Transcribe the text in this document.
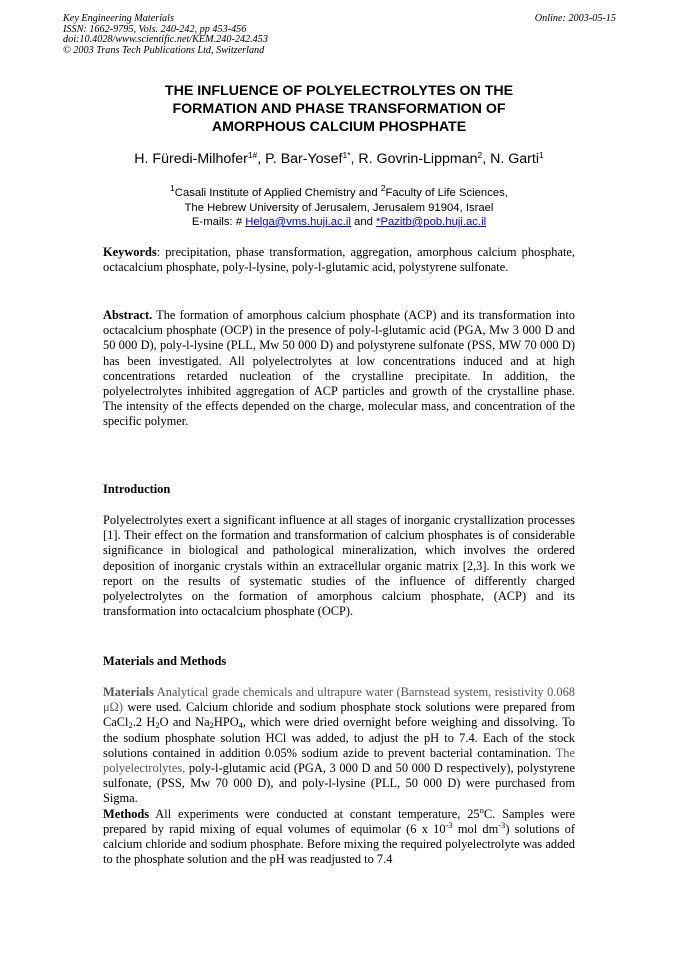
Key Engineering Materials
ISSN: 1662-9795, Vols. 240-242, pp 453-456
doi:10.4028/www.scientific.net/KEM.240-242.453
© 2003 Trans Tech Publications Ltd, Switzerland
Online: 2003-05-15
THE INFLUENCE OF POLYELECTROLYTES ON THE
FORMATION AND PHASE TRANSFORMATION OF
AMORPHOUS CALCIUM PHOSPHATE
H. Füredi-Milhofer$^{1\#}$, P. Bar-Yosef$^{1*}$, R. Govrin-Lippman$^2$, N. Garti$^1$
$^1$Casali Institute of Applied Chemistry and $^2$Faculty of Life Sciences,
The Hebrew University of Jerusalem, Jerusalem 91904, Israel
E-mails: # Helga@vms.huji.ac.il and *Pazitb@pob.huji.ac.il
Keywords: precipitation, phase transformation, aggregation, amorphous calcium phosphate, octacalcium phosphate, poly-l-lysine, poly-l-glutamic acid, polystyrene sulfonate.
Abstract. The formation of amorphous calcium phosphate (ACP) and its transformation into octacalcium phosphate (OCP) in the presence of poly-l-glutamic acid (PGA, Mw 3 000 D and 50 000 D), poly-l-lysine (PLL, Mw 50 000 D) and polystyrene sulfonate (PSS, MW 70 000 D) has been investigated. All polyelectrolytes at low concentrations induced and at high concentrations retarded nucleation of the crystalline precipitate. In addition, the polyelectrolytes inhibited aggregation of ACP particles and growth of the crystalline phase. The intensity of the effects depended on the charge, molecular mass, and concentration of the specific polymer.
Introduction
Polyelectrolytes exert a significant influence at all stages of inorganic crystallization processes [1]. Their effect on the formation and transformation of calcium phosphates is of considerable significance in biological and pathological mineralization, which involves the ordered deposition of inorganic crystals within an extracellular organic matrix [2,3]. In this work we report on the results of systematic studies of the influence of differently charged polyelectrolytes on the formation of amorphous calcium phosphate, (ACP) and its transformation into octacalcium phosphate (OCP).
Materials and Methods
Materials Analytical grade chemicals and ultrapure water (Barnstead system, resistivity 0.068 μΩ) were used. Calcium chloride and sodium phosphate stock solutions were prepared from CaCl$_2$.2 $H_2O$ and $Na_2HPO_4$, which were dried overnight before weighing and dissolving. To the sodium phosphate solution HCl was added, to adjust the pH to 7.4. Each of the stock solutions contained in addition 0.05% sodium azide to prevent bacterial contamination. The polyelectrolytes, poly-l-glutamic acid (PGA, 3 000 D and 50 000 D respectively), polystyrene sulfonate, (PSS, Mw 70 000 D), and poly-l-lysine (PLL, 50 000 D) were purchased from Sigma.
Methods All experiments were conducted at constant temperature, 25$^o$C. Samples were prepared by rapid mixing of equal volumes of equimolar (6 x $10^{-3}$ mol $dm^{-3}$) solutions of calcium chloride and sodium phosphate. Before mixing the required polyelectrolyte was added to the phosphate solution and the pH was readjusted to 7.4
